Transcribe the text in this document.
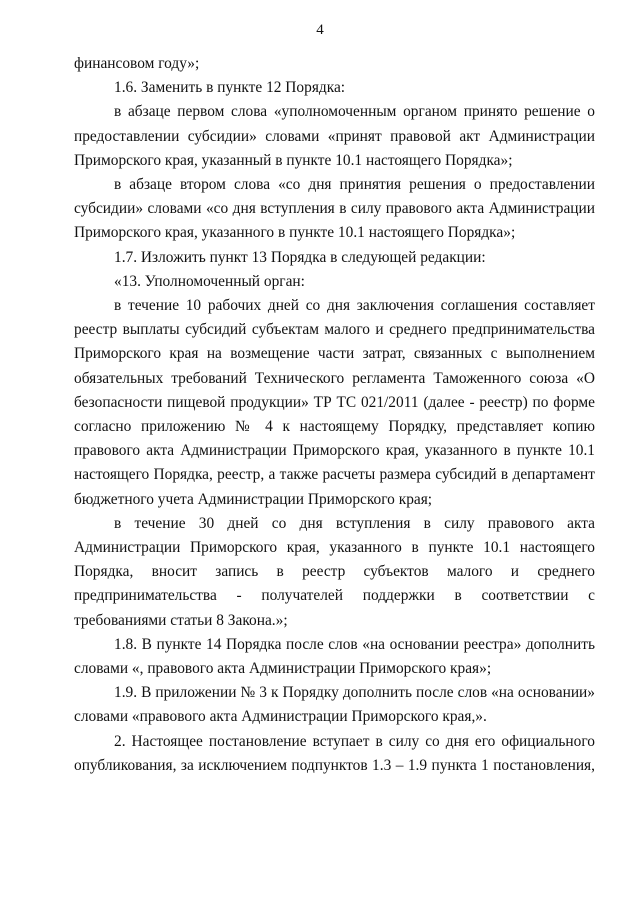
4

финансовом году»;

1.6. Заменить в пункте 12 Порядка:

в абзаце первом слова «уполномоченным органом принято решение о предоставлении субсидии» словами «принят правовой акт Администрации Приморского края, указанный в пункте 10.1 настоящего Порядка»;

в абзаце втором слова «со дня принятия решения о предоставлении субсидии» словами «со дня вступления в силу правового акта Администрации Приморского края, указанного в пункте 10.1 настоящего Порядка»;

1.7. Изложить пункт 13 Порядка в следующей редакции:

«13. Уполномоченный орган:

в течение 10 рабочих дней со дня заключения соглашения составляет реестр выплаты субсидий субъектам малого и среднего предпринимательства Приморского края на возмещение части затрат, связанных с выполнением обязательных требований Технического регламента Таможенного союза «О безопасности пищевой продукции» ТР ТС 021/2011 (далее - реестр) по форме согласно приложению № 4 к настоящему Порядку, представляет копию правового акта Администрации Приморского края, указанного в пункте 10.1 настоящего Порядка, реестр, а также расчеты размера субсидий в департамент бюджетного учета Администрации Приморского края;

в течение 30 дней со дня вступления в силу правового акта Администрации Приморского края, указанного в пункте 10.1 настоящего Порядка, вносит запись в реестр субъектов малого и среднего предпринимательства - получателей поддержки в соответствии с требованиями статьи 8 Закона.»;

1.8. В пункте 14 Порядка после слов «на основании реестра» дополнить словами «, правового акта Администрации Приморского края»;

1.9. В приложении № 3 к Порядку дополнить после слов «на основании» словами «правового акта Администрации Приморского края,».

2. Настоящее постановление вступает в силу со дня его официального опубликования, за исключением подпунктов 1.3 – 1.9 пункта 1 постановления,
